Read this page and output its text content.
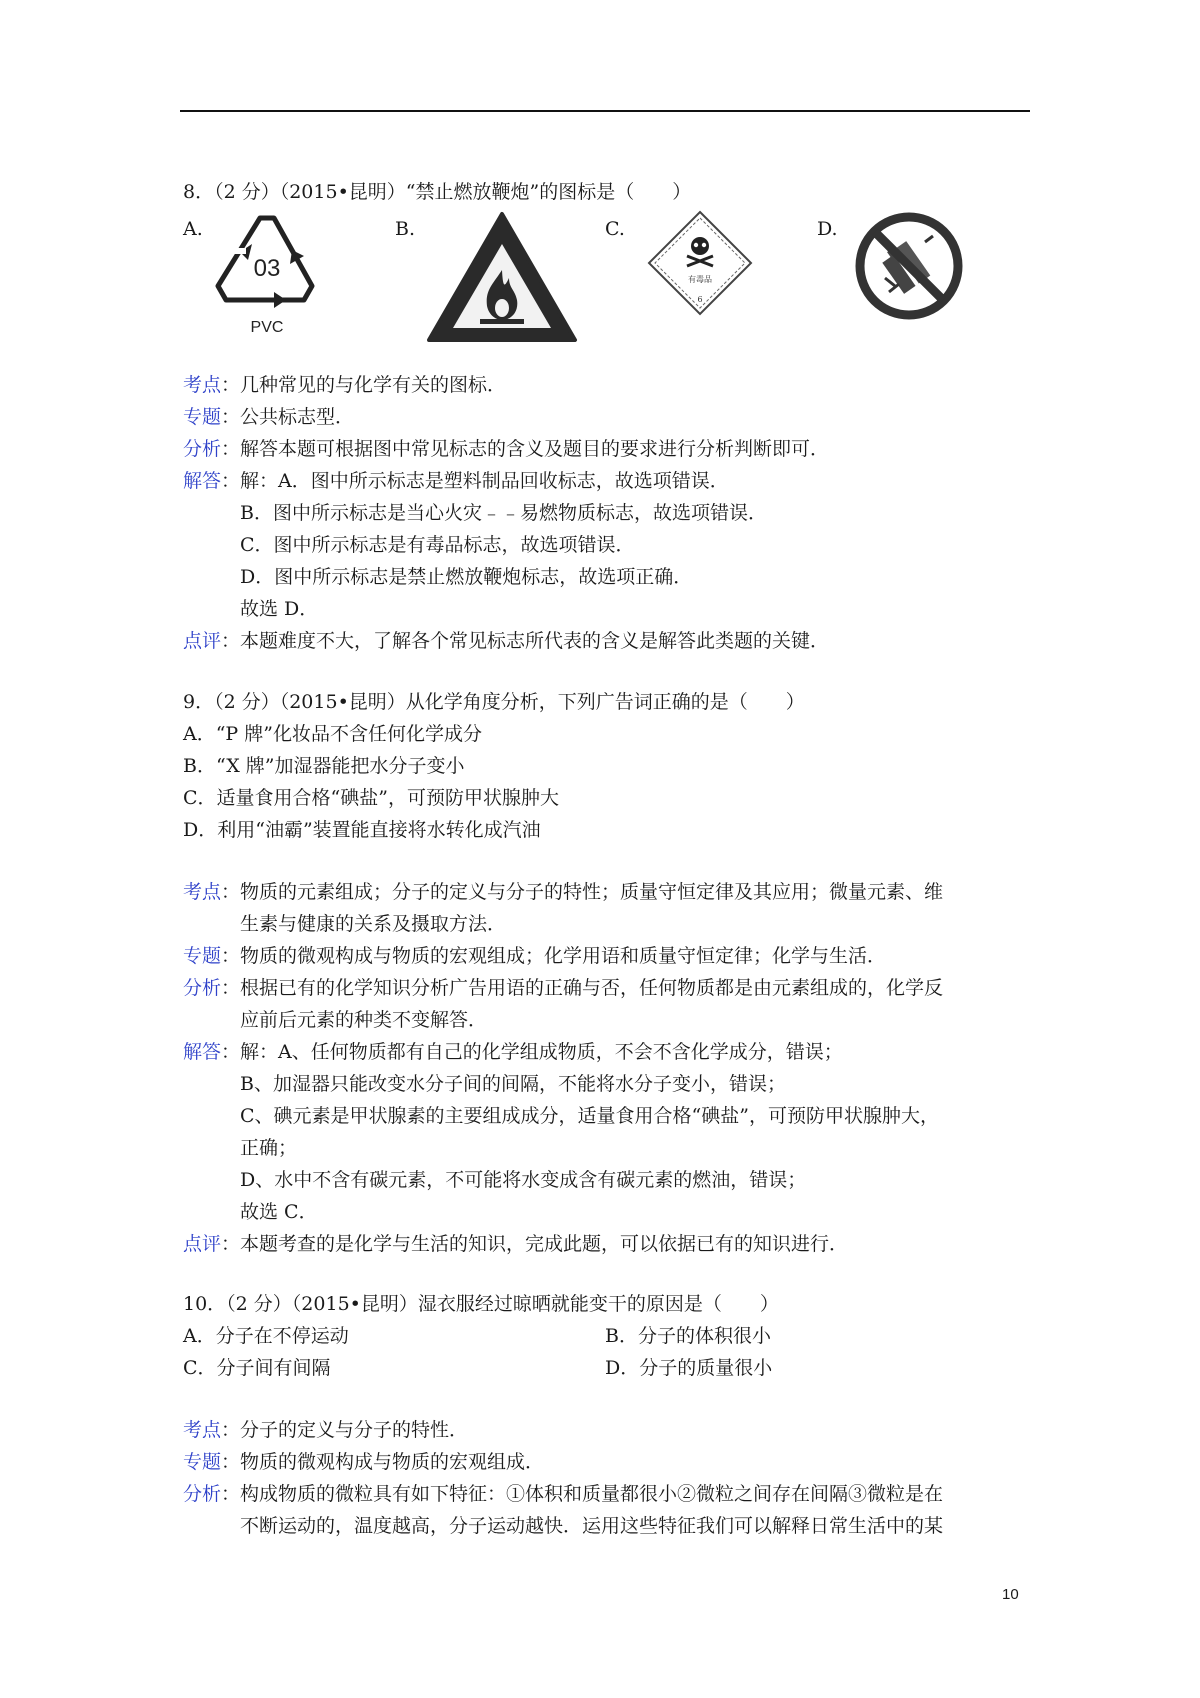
8．（2 分）（2015•昆明）“禁止燃放鞭炮”的图标是（　　）
A.	B.	C.	D.
03
PVC
有毒品
6
考点：几种常见的与化学有关的图标．
专题：公共标志型．
分析：解答本题可根据图中常见标志的含义及题目的要求进行分析判断即可．
解答：解：A．图中所示标志是塑料制品回收标志，故选项错误．
B．图中所示标志是当心火灾﹣﹣易燃物质标志，故选项错误．
C．图中所示标志是有毒品标志，故选项错误．
D．图中所示标志是禁止燃放鞭炮标志，故选项正确．
故选 D．
点评：本题难度不大，了解各个常见标志所代表的含义是解答此类题的关键．
9．（2 分）（2015•昆明）从化学角度分析，下列广告词正确的是（　　）
A．“P 牌”化妆品不含任何化学成分
B．“X 牌”加湿器能把水分子变小
C．适量食用合格“碘盐”，可预防甲状腺肿大
D．利用“油霸”装置能直接将水转化成汽油
考点：物质的元素组成；分子的定义与分子的特性；质量守恒定律及其应用；微量元素、维
生素与健康的关系及摄取方法．
专题：物质的微观构成与物质的宏观组成；化学用语和质量守恒定律；化学与生活．
分析：根据已有的化学知识分析广告用语的正确与否，任何物质都是由元素组成的，化学反
应前后元素的种类不变解答．
解答：解：A、任何物质都有自己的化学组成物质，不会不含化学成分，错误；
B、加湿器只能改变水分子间的间隔，不能将水分子变小，错误；
C、碘元素是甲状腺素的主要组成成分，适量食用合格“碘盐”，可预防甲状腺肿大，
正确；
D、水中不含有碳元素，不可能将水变成含有碳元素的燃油，错误；
故选 C．
点评：本题考查的是化学与生活的知识，完成此题，可以依据已有的知识进行．
10．（2 分）（2015•昆明）湿衣服经过晾晒就能变干的原因是（　　）
A．分子在不停运动	B．分子的体积很小
C．分子间有间隔	D．分子的质量很小
考点：分子的定义与分子的特性．
专题：物质的微观构成与物质的宏观组成．
分析：构成物质的微粒具有如下特征：①体积和质量都很小②微粒之间存在间隔③微粒是在
不断运动的，温度越高，分子运动越快．运用这些特征我们可以解释日常生活中的某
10
